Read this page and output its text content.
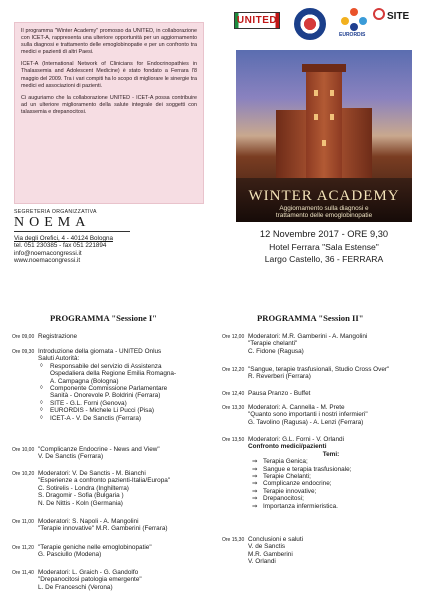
Il programma "Winter Academy" promosso da UNITED, in collaborazione con ICET-A, rappresenta una ulteriore opportunità per un aggiornamento sulla diagnosi e trattamento delle emoglobinopatie e per un confronto tra medici e pazienti di altri Paesi.

ICET-A (International Network of Clinicians for Endocrinopathies in Thalassemia and Adolescent Medicine) è stato fondato a Ferrara l'8 maggio del 2009. Tra i vari compiti ha lo scopo di migliorare le sinergie tra medici ed associazioni di pazienti.

Ci auguriamo che la collaborazione UNITED - ICET-A possa contribuire ad un ulteriore miglioramento della salute integrale dei soggetti con talassemia e drepanocitosi.

UNITED
EURORDIS
SITE
WINTER ACADEMY
Aggiornamento sulla diagnosi e
trattamento delle emoglobinopatie
12 Novembre 2017 - ORE 9,30
Hotel Ferrara "Sala Estense"
Largo Castello, 36 - FERRARA
SEGRETERIA ORGANIZZATIVA
NOEMA
Via degli Orefici, 4 - 40124 Bologna
tel. 051 230385 - fax 051 221894
info@noemacongressi.it
www.noemacongressi.it
PROGRAMMA "Sessione I"	PROGRAMMA "Session II"
Ore 09,00 Registrazione
Ore 09,30 Introduzione della giornata - UNITED Onlus
Saluti Autorità:
◊ Responsabile del servizio di Assistenza
Ospedaliera della Regione Emilia Romagna-
A. Campagna (Bologna)
◊ Componente Commissione Parlamentare
Sanità - Onorevole P. Boldrini (Ferrara)
◊ SITE - G.L. Forni (Genova)
◊ EURORDIS - Michele Li Pucci (Pisa)
◊ ICET-A - V. De Sanctis (Ferrara)
Ore 10,00 "Complicanze Endocrine - News and View"
V. De Sanctis (Ferrara)
Ore 10,20 Moderatori: V. De Sanctis - M. Bianchi
"Esperienze a confronto pazienti-Italia/Europa"
C. Sotirelis - Londra (Inghilterra)
S. Dragomir - Sofia (Bulgaria )
N. De Nittis - Koln (Germania)
Ore 11,00 Moderatori: S. Napoli - A. Mangolini
"Terapie innovative" M.R. Gamberini (Ferrara)
Ore 11,20 "Terapie geniche nelle emoglobinopatie"
G. Pasciullo (Modena)
Ore 11,40 Moderatori: L. Graich - G. Gandolfo
"Drepanocitosi patologia emergente"
L. De Franceschi (Verona)
Ore 12,00 Moderatori: M.R. Gamberini - A. Mangolini
"Terapie chelanti"
C. Fidone (Ragusa)
Ore 12,20 "Sangue, terapie trasfusionali, Studio Cross Over"
R. Reverberi (Ferrara)
Ore 12,40 Pausa Pranzo - Buffet
Ore 13,30 Moderatori: A. Cannella - M. Prete
"Quanto sono importanti i nostri infermieri"
G. Tavolino (Ragusa) - A. Lenzi (Ferrara)
Ore 13,50 Moderatori: G.L. Forni - V. Orlandi
Confronto medici/pazienti
Temi:
⇒ Terapia Genica;
⇒ Sangue e terapia trasfusionale;
⇒ Terapie Chelanti;
⇒ Complicanze endocrine;
⇒ Terapie innovative;
⇒ Drepanocitosi;
⇒ Importanza infermieristica.
Ore 15,30 Conclusioni e saluti
V. de Sanctis
M.R. Gamberini
V. Orlandi
